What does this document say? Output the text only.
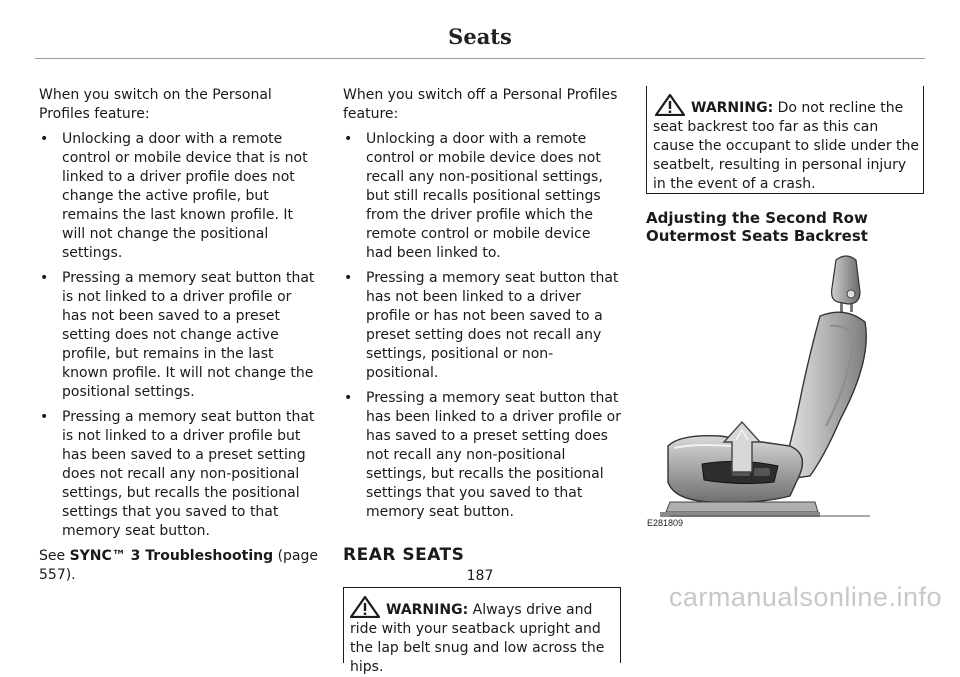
Seats

When you switch on the Personal Profiles feature:

• Unlocking a door with a remote control or mobile device that is not linked to a driver profile does not change the active profile, but remains the last known profile. It will not change the positional settings.
• Pressing a memory seat button that is not linked to a driver profile or has not been saved to a preset setting does not change active profile, but remains in the last known profile. It will not change the positional settings.
• Pressing a memory seat button that is not linked to a driver profile but has been saved to a preset setting does not recall any non-positional settings, but recalls the positional settings that you saved to that memory seat button.

See SYNC™ 3 Troubleshooting (page 557).

When you switch off a Personal Profiles feature:

• Unlocking a door with a remote control or mobile device does not recall any non-positional settings, but still recalls positional settings from the driver profile which the remote control or mobile device had been linked to.
• Pressing a memory seat button that has not been linked to a driver profile or has not been saved to a preset setting does not recall any settings, positional or non-positional.
• Pressing a memory seat button that has been linked to a driver profile or has saved to a preset setting does not recall any non-positional settings, but recalls the positional settings that you saved to that memory seat button.
REAR SEATS
WARNING: Always drive and ride with your seatback upright and the lap belt snug and low across the hips.
WARNING: Do not recline the seat backrest too far as this can cause the occupant to slide under the seatbelt, resulting in personal injury in the event of a crash.
Adjusting the Second Row Outermost Seats Backrest
E281809
187
carmanualsonline.info
